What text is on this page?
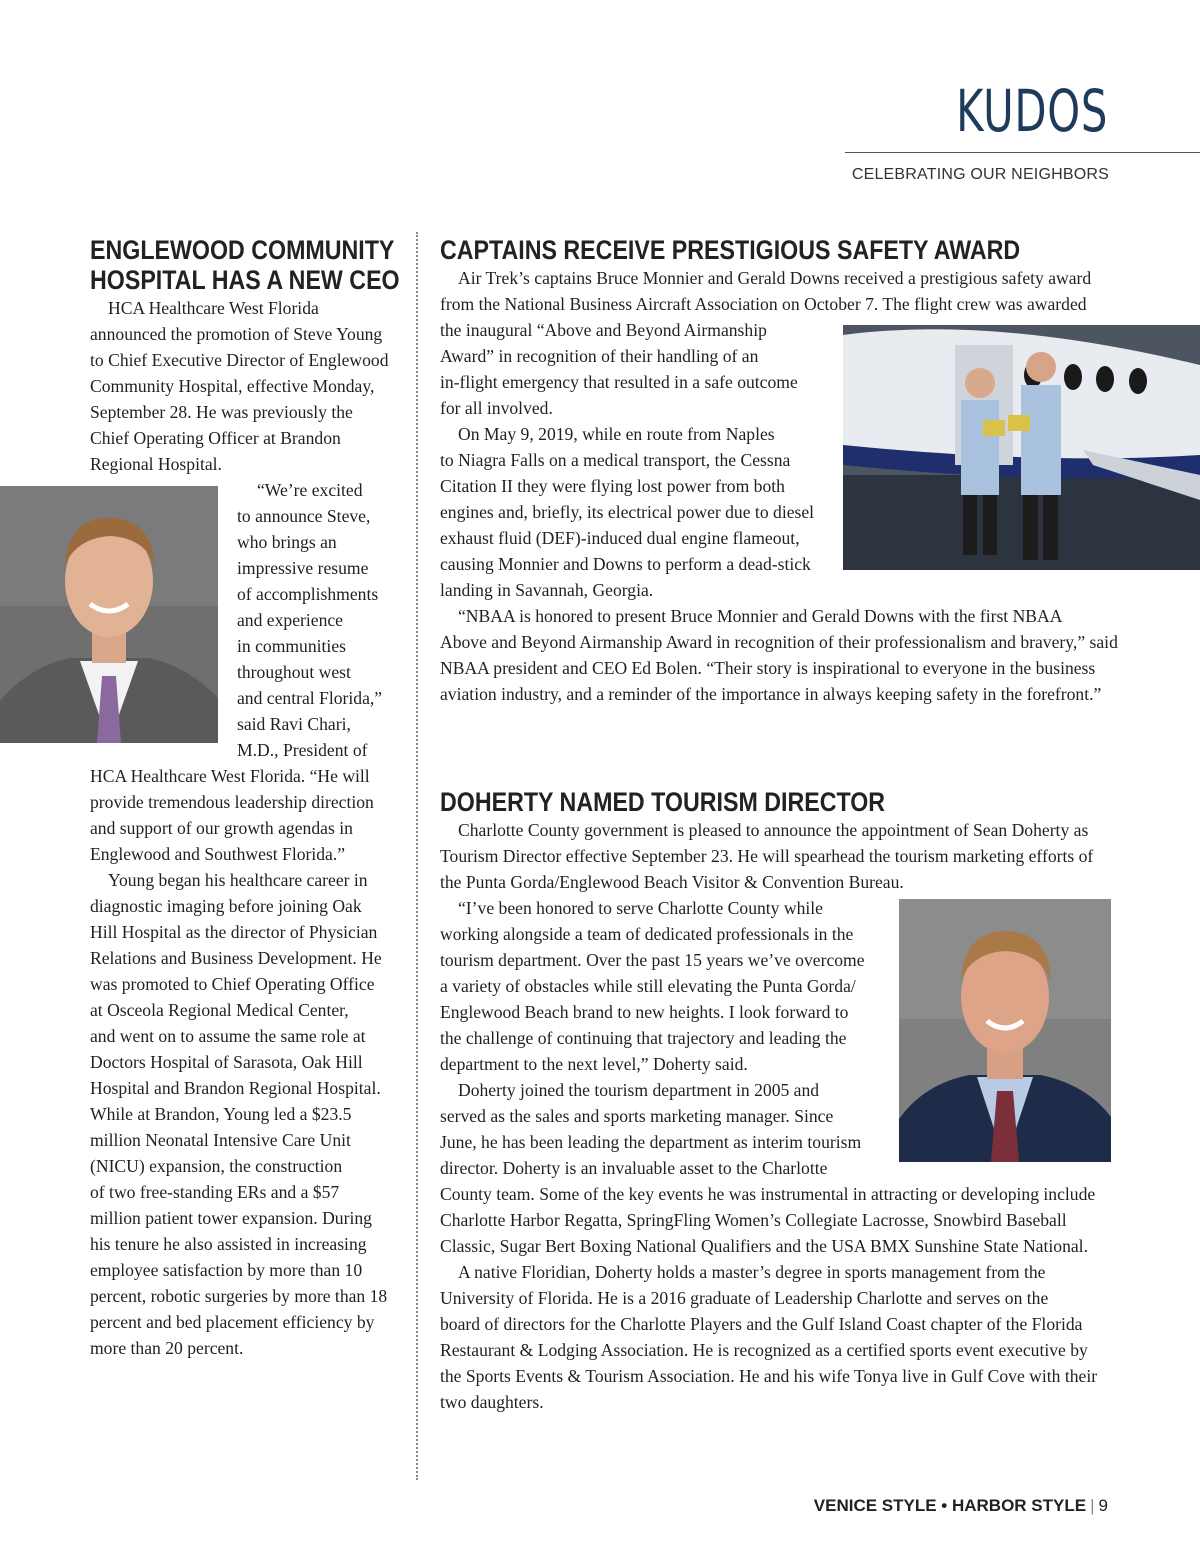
KUDOS
CELEBRATING OUR NEIGHBORS
ENGLEWOOD COMMUNITY
HOSPITAL HAS A NEW CEO
HCA Healthcare West Florida
announced the promotion of Steve Young
to Chief Executive Director of Englewood
Community Hospital, effective Monday,
September 28. He was previously the
Chief Operating Officer at Brandon
Regional Hospital.
“We’re excited
to announce Steve,
who brings an
impressive resume
of accomplishments
and experience
in communities
throughout west
and central Florida,”
said Ravi Chari,
M.D., President of
HCA Healthcare West Florida. “He will
provide tremendous leadership direction
and support of our growth agendas in
Englewood and Southwest Florida.”
Young began his healthcare career in
diagnostic imaging before joining Oak
Hill Hospital as the director of Physician
Relations and Business Development. He
was promoted to Chief Operating Office
at Osceola Regional Medical Center,
and went on to assume the same role at
Doctors Hospital of Sarasota, Oak Hill
Hospital and Brandon Regional Hospital.
While at Brandon, Young led a $23.5
million Neonatal Intensive Care Unit
(NICU) expansion, the construction
of two free-standing ERs and a $57
million patient tower expansion. During
his tenure he also assisted in increasing
employee satisfaction by more than 10
percent, robotic surgeries by more than 18
percent and bed placement efficiency by
more than 20 percent.
CAPTAINS RECEIVE PRESTIGIOUS SAFETY AWARD
Air Trek’s captains Bruce Monnier and Gerald Downs received a prestigious safety award
from the National Business Aircraft Association on October 7. The flight crew was awarded
the inaugural “Above and Beyond Airmanship
Award” in recognition of their handling of an
in-flight emergency that resulted in a safe outcome
for all involved.
On May 9, 2019, while en route from Naples
to Niagra Falls on a medical transport, the Cessna
Citation II they were flying lost power from both
engines and, briefly, its electrical power due to diesel
exhaust fluid (DEF)-induced dual engine flameout,
causing Monnier and Downs to perform a dead-stick
landing in Savannah, Georgia.
“NBAA is honored to present Bruce Monnier and Gerald Downs with the first NBAA
Above and Beyond Airmanship Award in recognition of their professionalism and bravery,” said
NBAA president and CEO Ed Bolen. “Their story is inspirational to everyone in the business
aviation industry, and a reminder of the importance in always keeping safety in the forefront.”
DOHERTY NAMED TOURISM DIRECTOR
Charlotte County government is pleased to announce the appointment of Sean Doherty as
Tourism Director effective September 23. He will spearhead the tourism marketing efforts of
the Punta Gorda/Englewood Beach Visitor & Convention Bureau.
“I’ve been honored to serve Charlotte County while
working alongside a team of dedicated professionals in the
tourism department. Over the past 15 years we’ve overcome
a variety of obstacles while still elevating the Punta Gorda/
Englewood Beach brand to new heights. I look forward to
the challenge of continuing that trajectory and leading the
department to the next level,” Doherty said.
Doherty joined the tourism department in 2005 and
served as the sales and sports marketing manager. Since
June, he has been leading the department as interim tourism
director. Doherty is an invaluable asset to the Charlotte
County team. Some of the key events he was instrumental in attracting or developing include
Charlotte Harbor Regatta, SpringFling Women’s Collegiate Lacrosse, Snowbird Baseball
Classic, Sugar Bert Boxing National Qualifiers and the USA BMX Sunshine State National.
A native Floridian, Doherty holds a master’s degree in sports management from the
University of Florida. He is a 2016 graduate of Leadership Charlotte and serves on the
board of directors for the Charlotte Players and the Gulf Island Coast chapter of the Florida
Restaurant & Lodging Association. He is recognized as a certified sports event executive by
the Sports Events & Tourism Association. He and his wife Tonya live in Gulf Cove with their
two daughters.
VENICE STYLE • HARBOR STYLE | 9
